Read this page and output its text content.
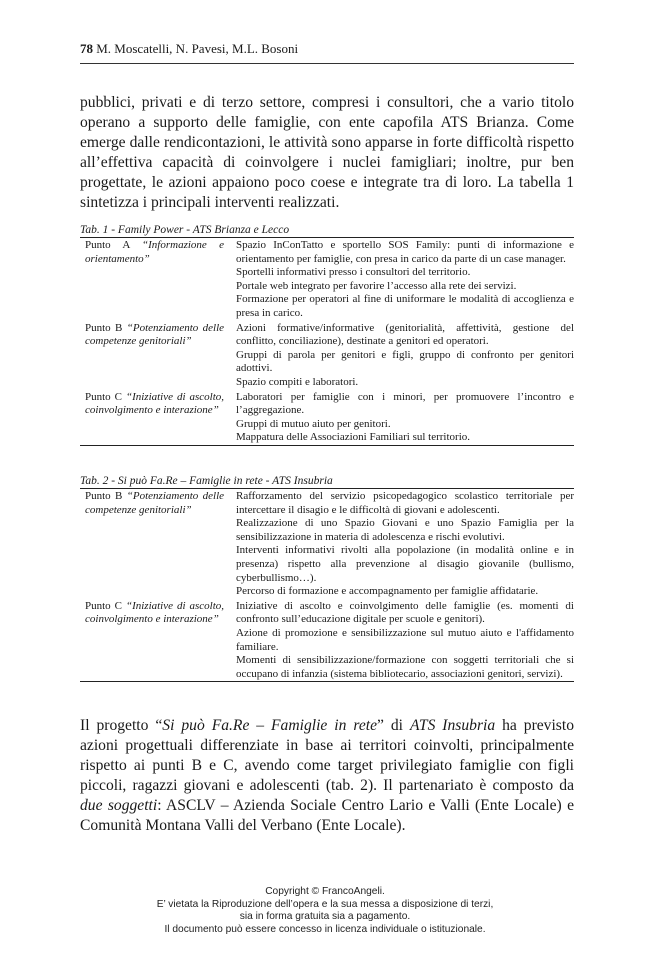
78 M. Moscatelli, N. Pavesi, M.L. Bosoni

pubblici, privati e di terzo settore, compresi i consultori, che a vario titolo operano a supporto delle famiglie, con ente capofila ATS Brianza. Come emerge dalle rendicontazioni, le attività sono apparse in forte difficoltà rispetto all’effettiva capacità di coinvolgere i nuclei famigliari; inoltre, pur ben progettate, le azioni appaiono poco coese e integrate tra di loro. La tabella 1 sintetizza i principali interventi realizzati.

Tab. 1 - Family Power - ATS Brianza e Lecco
Punto A “Informazione e orientamento”
Spazio InConTatto e sportello SOS Family: punti di informazione e orientamento per famiglie, con presa in carico da parte di un case manager.
Sportelli informativi presso i consultori del territorio.
Portale web integrato per favorire l’accesso alla rete dei servizi.
Formazione per operatori al fine di uniformare le modalità di accoglienza e presa in carico.
Punto B “Potenziamento delle competenze genitoriali”
Azioni formative/informative (genitorialità, affettività, gestione del conflitto, conciliazione), destinate a genitori ed operatori.
Gruppi di parola per genitori e figli, gruppo di confronto per genitori adottivi.
Spazio compiti e laboratori.
Punto C “Iniziative di ascolto, coinvolgimento e interazione”
Laboratori per famiglie con i minori, per promuovere l’incontro e l’aggregazione.
Gruppi di mutuo aiuto per genitori.
Mappatura delle Associazioni Familiari sul territorio.
Tab. 2 - Si può Fa.Re – Famiglie in rete - ATS Insubria
Punto B “Potenziamento delle competenze genitoriali”
Rafforzamento del servizio psicopedagogico scolastico territoriale per intercettare il disagio e le difficoltà di giovani e adolescenti.
Realizzazione di uno Spazio Giovani e uno Spazio Famiglia per la sensibilizzazione in materia di adolescenza e rischi evolutivi.
Interventi informativi rivolti alla popolazione (in modalità online e in presenza) rispetto alla prevenzione al disagio giovanile (bullismo, cyberbullismo…).
Percorso di formazione e accompagnamento per famiglie affidatarie.
Punto C “Iniziative di ascolto, coinvolgimento e interazione”
Iniziative di ascolto e coinvolgimento delle famiglie (es. momenti di confronto sull’educazione digitale per scuole e genitori).
Azione di promozione e sensibilizzazione sul mutuo aiuto e l'affidamento familiare.
Momenti di sensibilizzazione/formazione con soggetti territoriali che si occupano di infanzia (sistema bibliotecario, associazioni genitori, servizi).

Il progetto “Si può Fa.Re – Famiglie in rete” di ATS Insubria ha previsto azioni progettuali differenziate in base ai territori coinvolti, principalmente rispetto ai punti B e C, avendo come target privilegiato famiglie con figli piccoli, ragazzi giovani e adolescenti (tab. 2). Il partenariato è composto da due soggetti: ASCLV – Azienda Sociale Centro Lario e Valli (Ente Locale) e Comunità Montana Valli del Verbano (Ente Locale).

Copyright © FrancoAngeli.
E’ vietata la Riproduzione dell’opera e la sua messa a disposizione di terzi,
sia in forma gratuita sia a pagamento.
Il documento può essere concesso in licenza individuale o istituzionale.
